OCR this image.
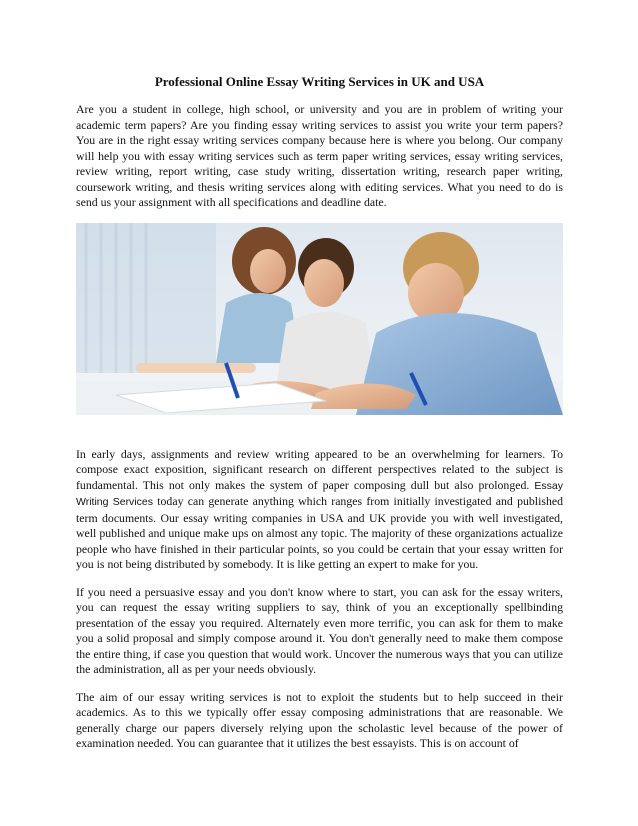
Professional Online Essay Writing Services in UK and USA

Are you a student in college, high school, or university and you are in problem of writing your academic term papers? Are you finding essay writing services to assist you write your term papers? You are in the right essay writing services company because here is where you belong. Our company will help you with essay writing services such as term paper writing services, essay writing services, review writing, report writing, case study writing, dissertation writing, research paper writing, coursework writing, and thesis writing services along with editing services. What you need to do is send us your assignment with all specifications and deadline date.

In early days, assignments and review writing appeared to be an overwhelming for learners. To compose exact exposition, significant research on different perspectives related to the subject is fundamental. This not only makes the system of paper composing dull but also prolonged. Essay Writing Services today can generate anything which ranges from initially investigated and published term documents. Our essay writing companies in USA and UK provide you with well investigated, well published and unique make ups on almost any topic. The majority of these organizations actualize people who have finished in their particular points, so you could be certain that your essay written for you is not being distributed by somebody. It is like getting an expert to make for you.

If you need a persuasive essay and you don't know where to start, you can ask for the essay writers, you can request the essay writing suppliers to say, think of you an exceptionally spellbinding presentation of the essay you required. Alternately even more terrific, you can ask for them to make you a solid proposal and simply compose around it. You don't generally need to make them compose the entire thing, if case you question that would work. Uncover the numerous ways that you can utilize the administration, all as per your needs obviously.

The aim of our essay writing services is not to exploit the students but to help succeed in their academics. As to this we typically offer essay composing administrations that are reasonable. We generally charge our papers diversely relying upon the scholastic level because of the power of examination needed. You can guarantee that it utilizes the best essayists. This is on account of
